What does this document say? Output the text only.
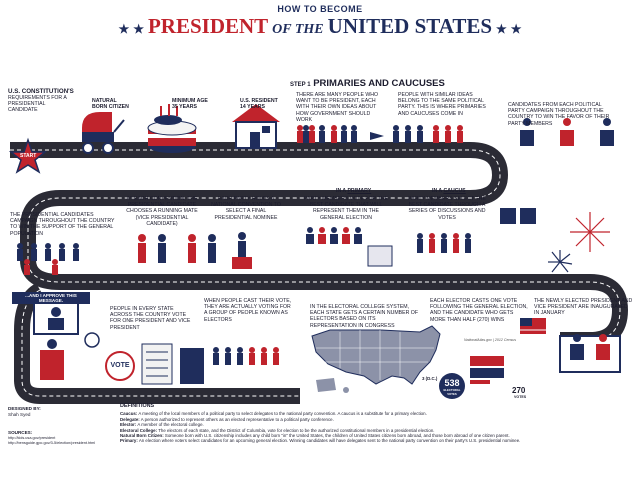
HOW TO BECOME
★ ★ PRESIDENT OF THE UNITED STATES ★ ★
U.S. CONSTITUTION'S
REQUIREMENTS FOR A PRESIDENTIAL CANDIDATE
NATURAL BORN CITIZEN
MINIMUM AGE 35 YEARS
U.S. RESIDENT 14 YEARS
START
STEP 1 PRIMARIES AND CAUCUSES
THERE ARE MANY PEOPLE WHO WANT TO BE PRESIDENT, EACH WITH THEIR OWN IDEAS ABOUT HOW GOVERNMENT SHOULD WORK
PEOPLE WITH SIMILAR IDEAS BELONG TO THE SAME POLITICAL PARTY. THIS IS WHERE PRIMARIES AND CAUCUSES COME IN
CANDIDATES FROM EACH POLITICAL PARTY CAMPAIGN THROUGHOUT THE COUNTRY TO WIN THE FAVOR OF THEIR PARTY MEMBERS
NATIONAL CONVENTIONS STEP 2
THE PRESIDENTIAL CANDIDATES CAMPAIGN THROUGHOUT THE COUNTRY TO WIN THE SUPPORT OF THE GENERAL POPULATION
AT EACH CONVENTION, THE PRESIDENTIAL CANDIDATE CHOOSES A RUNNING MATE (VICE PRESIDENTIAL CANDIDATE)
EACH PARTY HOLDS A NATIONAL CONVENTION TO SELECT A FINAL PRESIDENTIAL NOMINEE
IN A PRIMARY
PARTY MEMBERS VOTE FOR THE BEST CANDIDATE THAT WILL REPRESENT THEM IN THE GENERAL ELECTION
IN A CAUCUS
PARTY MEMBERS SELECT THE BEST CANDIDATE THROUGH A SERIES OF DISCUSSIONS AND VOTES
STEP 3 GENERAL ELECTION
...AND I APPROVE THIS MESSAGE.
PEOPLE IN EVERY STATE ACROSS THE COUNTRY VOTE FOR ONE PRESIDENT AND VICE PRESIDENT
WHEN PEOPLE CAST THEIR VOTE, THEY ARE ACTUALLY VOTING FOR A GROUP OF PEOPLE KNOWN AS ELECTORS
VOTE
STEP 4 ELECTORAL COLLEGE
IN THE ELECTORAL COLLEGE SYSTEM, EACH STATE GETS A CERTAIN NUMBER OF ELECTORS BASED ON ITS REPRESENTATION IN CONGRESS
EACH ELECTOR CASTS ONE VOTE FOLLOWING THE GENERAL ELECTION, AND THE CANDIDATE WHO GETS MORE THAN HALF (270) WINS
NationalAtlas.gov | 2012 Census
3 (D.C.) 538
ELECTORAL VOTES	270
VOTES
THE NEWLY ELECTED PRESIDENT AND VICE PRESIDENT ARE INAUGURATED IN JANUARY
DESIGNED BY:
Shah Syed
SOURCES:
http://kids.usa.gov/president
http://bensguide.gpo.gov/3-5/election/president.html
DEFINITIONS
Caucus: A meeting of the local members of a political party to select delegates to the national party convention. A caucus is a substitute for a primary election.
Delegate: A person authorized to represent others as an elected representative to a political party conference.
Elector: A member of the electoral college.
Electoral College: The electors of each state, and the District of Columbia, vote for election to be the authorized constitutional members in a presidential election.
Natural Born Citizen: Someone born with U.S. citizenship includes any child born "in" the United States, the children of United States citizens born abroad, and those born abroad of one citizen parent.
Primary: An election where voters select candidates for an upcoming general election. Winning candidates will have delegates sent to the national party convention on their party's U.S. presidential nominee.
